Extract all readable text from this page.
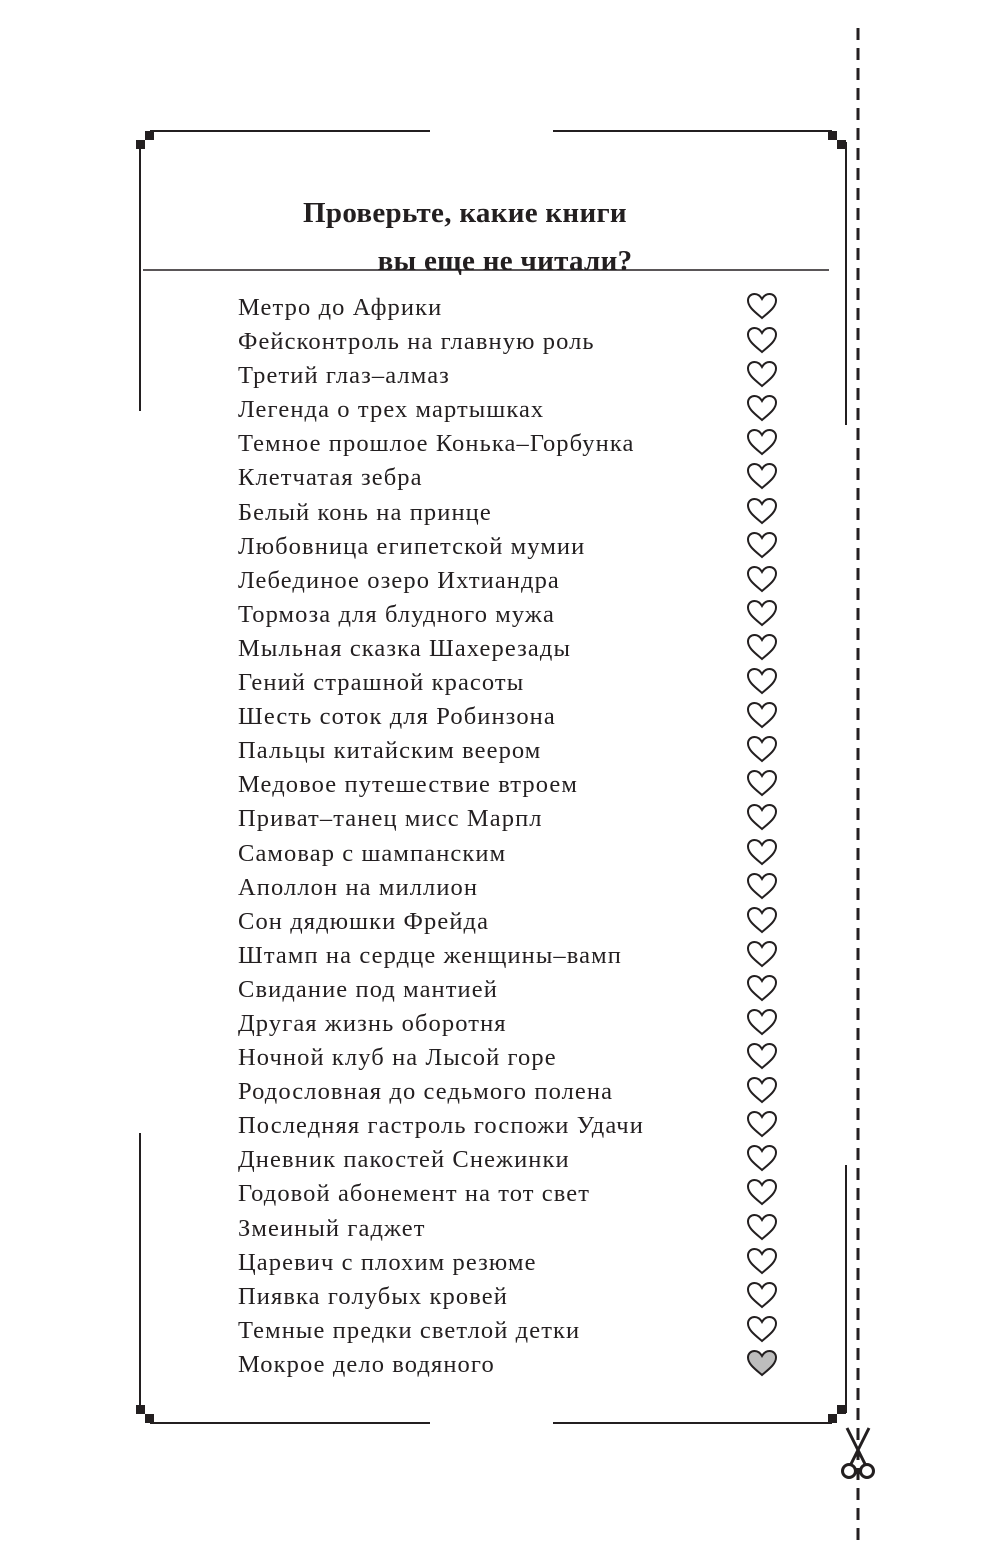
Проверьте, какие книги
вы еще не читали?
Метро до Африки
Фейсконтроль на главную роль
Третий глаз–алмаз
Легенда о трех мартышках
Темное прошлое Конька–Горбунка
Клетчатая зебра
Белый конь на принце
Любовница египетской мумии
Лебединое озеро Ихтиандра
Тормоза для блудного мужа
Мыльная сказка Шахерезады
Гений страшной красоты
Шесть соток для Робинзона
Пальцы китайским веером
Медовое путешествие втроем
Приват–танец мисс Марпл
Самовар с шампанским
Аполлон на миллион
Сон дядюшки Фрейда
Штамп на сердце женщины–вамп
Свидание под мантией
Другая жизнь оборотня
Ночной клуб на Лысой горе
Родословная до седьмого полена
Последняя гастроль госпожи Удачи
Дневник пакостей Снежинки
Годовой абонемент на тот свет
Змеиный гаджет
Царевич с плохим резюме
Пиявка голубых кровей
Темные предки светлой детки
Мокрое дело водяного
